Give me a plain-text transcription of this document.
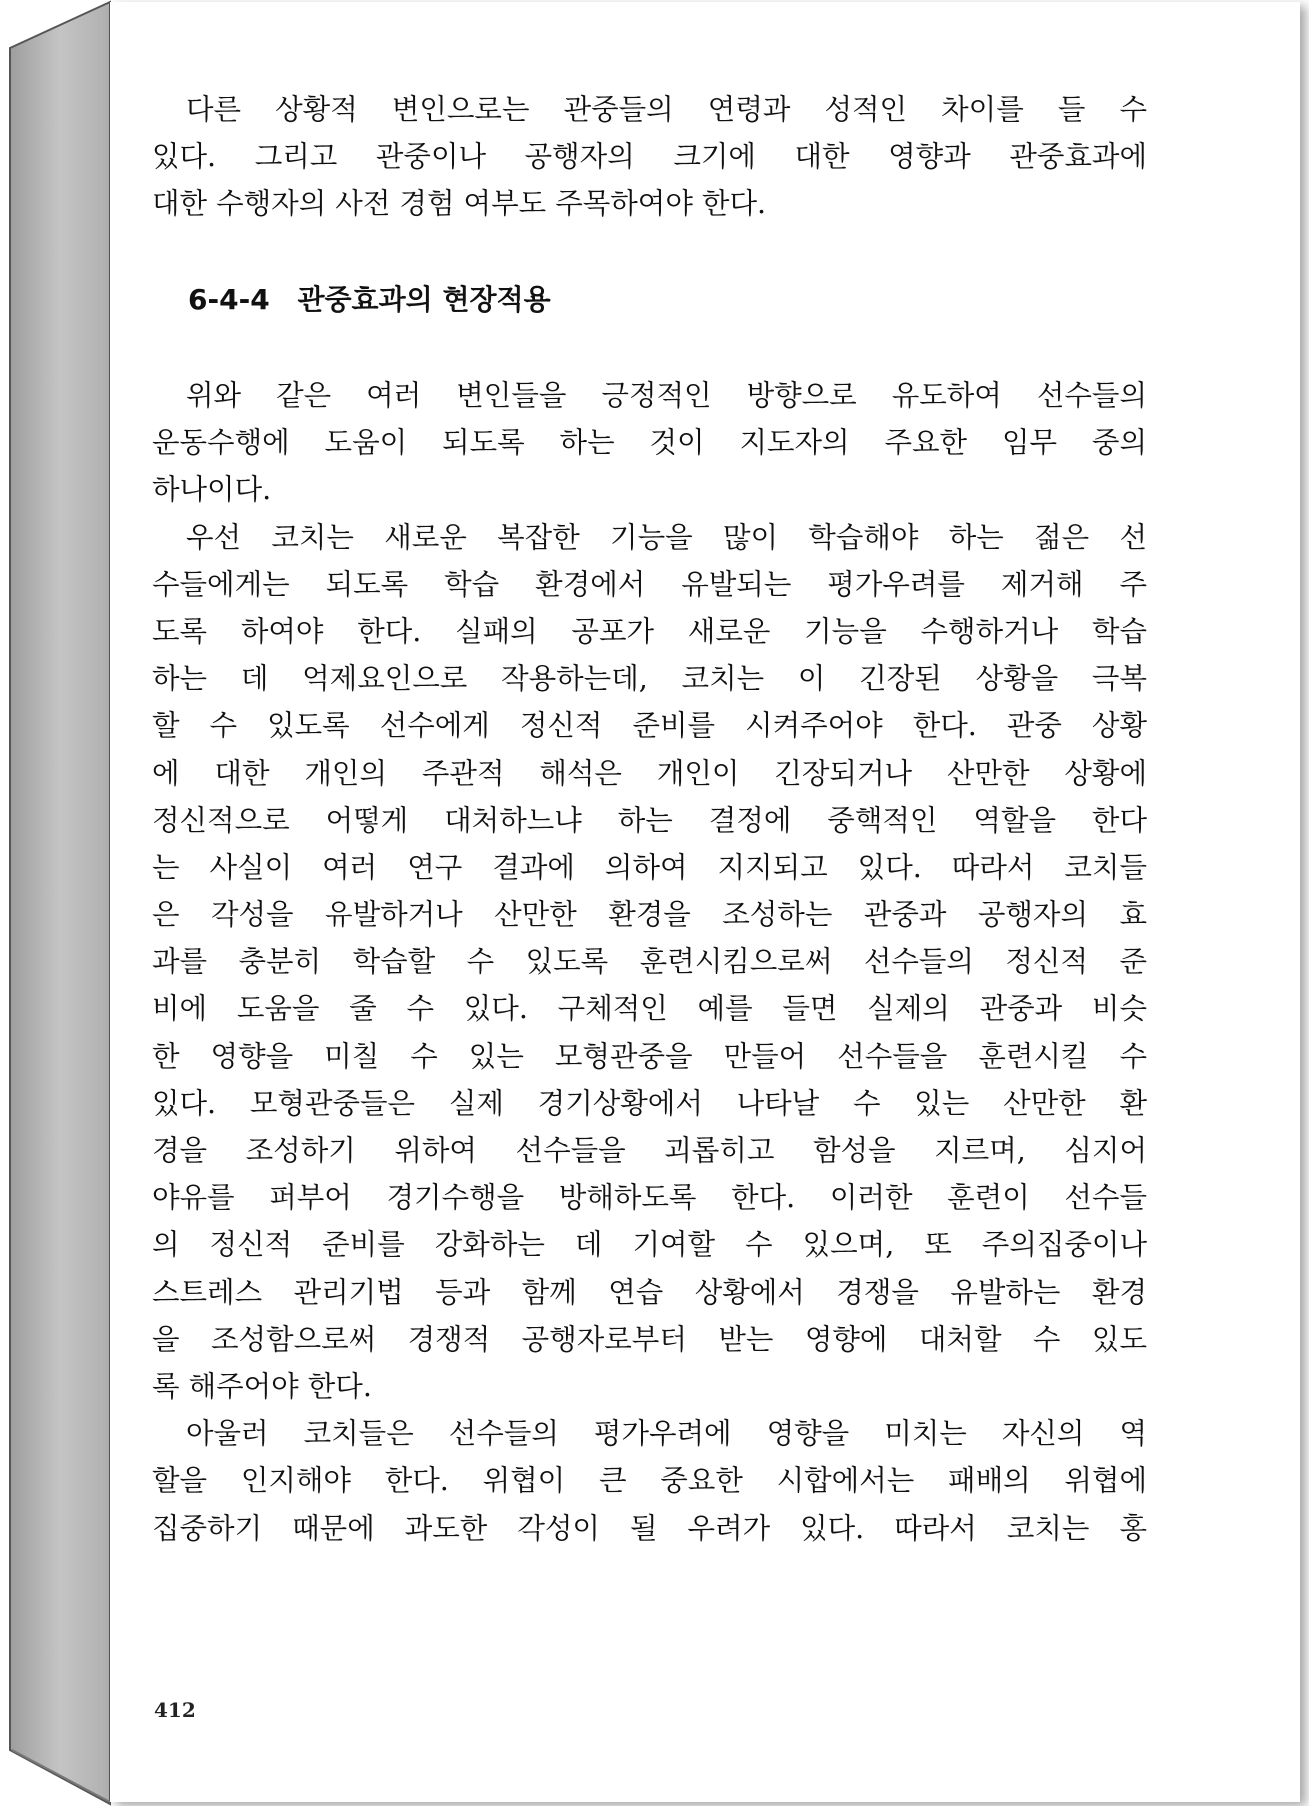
다른 상황적 변인으로는 관중들의 연령과 성적인 차이를 들 수
있다. 그리고 관중이나 공행자의 크기에 대한 영향과 관중효과에
대한 수행자의 사전 경험 여부도 주목하여야 한다.
6-4-4 관중효과의 현장적용
위와 같은 여러 변인들을 긍정적인 방향으로 유도하여 선수들의
운동수행에 도움이 되도록 하는 것이 지도자의 주요한 임무 중의
하나이다.
우선 코치는 새로운 복잡한 기능을 많이 학습해야 하는 젊은 선
수들에게는 되도록 학습 환경에서 유발되는 평가우려를 제거해 주
도록 하여야 한다. 실패의 공포가 새로운 기능을 수행하거나 학습
하는 데 억제요인으로 작용하는데, 코치는 이 긴장된 상황을 극복
할 수 있도록 선수에게 정신적 준비를 시켜주어야 한다. 관중 상황
에 대한 개인의 주관적 해석은 개인이 긴장되거나 산만한 상황에
정신적으로 어떻게 대처하느냐 하는 결정에 중핵적인 역할을 한다
는 사실이 여러 연구 결과에 의하여 지지되고 있다. 따라서 코치들
은 각성을 유발하거나 산만한 환경을 조성하는 관중과 공행자의 효
과를 충분히 학습할 수 있도록 훈련시킴으로써 선수들의 정신적 준
비에 도움을 줄 수 있다. 구체적인 예를 들면 실제의 관중과 비슷
한 영향을 미칠 수 있는 모형관중을 만들어 선수들을 훈련시킬 수
있다. 모형관중들은 실제 경기상황에서 나타날 수 있는 산만한 환
경을 조성하기 위하여 선수들을 괴롭히고 함성을 지르며, 심지어
야유를 퍼부어 경기수행을 방해하도록 한다. 이러한 훈련이 선수들
의 정신적 준비를 강화하는 데 기여할 수 있으며, 또 주의집중이나
스트레스 관리기법 등과 함께 연습 상황에서 경쟁을 유발하는 환경
을 조성함으로써 경쟁적 공행자로부터 받는 영향에 대처할 수 있도
록 해주어야 한다.
아울러 코치들은 선수들의 평가우려에 영향을 미치는 자신의 역
할을 인지해야 한다. 위협이 큰 중요한 시합에서는 패배의 위협에
집중하기 때문에 과도한 각성이 될 우려가 있다. 따라서 코치는 홍
412
